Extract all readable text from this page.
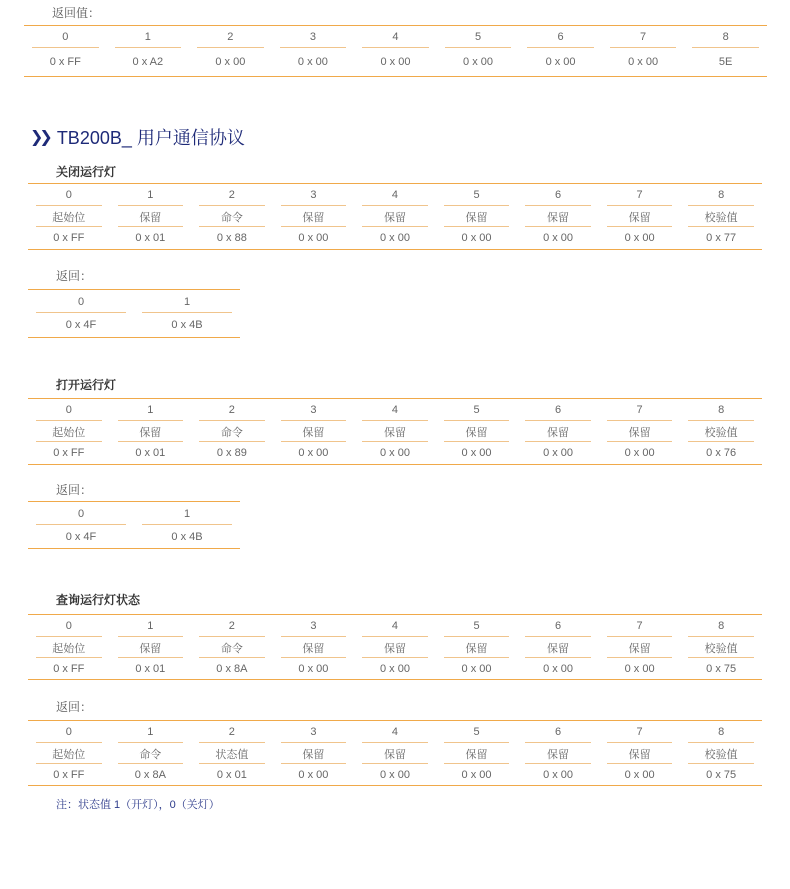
返回值：
0	1	2	3	4	5	6	7	8
0 x FF	0 x A2	0 x 00	0 x 00	0 x 00	0 x 00	0 x 00	0 x 00	5E
❯❯ TB200B_ 用户通信协议
关闭运行灯
0	1	2	3	4	5	6	7	8
起始位	保留	命令	保留	保留	保留	保留	保留	校验值
0 x FF	0 x 01	0 x 88	0 x 00	0 x 00	0 x 00	0 x 00	0 x 00	0 x 77
返回：
0	1
0 x 4F	0 x 4B
打开运行灯
0	1	2	3	4	5	6	7	8
起始位	保留	命令	保留	保留	保留	保留	保留	校验值
0 x FF	0 x 01	0 x 89	0 x 00	0 x 00	0 x 00	0 x 00	0 x 00	0 x 76
返回：
0	1
0 x 4F	0 x 4B
查询运行灯状态
0	1	2	3	4	5	6	7	8
起始位	保留	命令	保留	保留	保留	保留	保留	校验值
0 x FF	0 x 01	0 x 8A	0 x 00	0 x 00	0 x 00	0 x 00	0 x 00	0 x 75
返回：
0	1	2	3	4	5	6	7	8
起始位	命令	状态值	保留	保留	保留	保留	保留	校验值
0 x FF	0 x 8A	0 x 01	0 x 00	0 x 00	0 x 00	0 x 00	0 x 00	0 x 75
注：状态值 1（开灯），0（关灯）
